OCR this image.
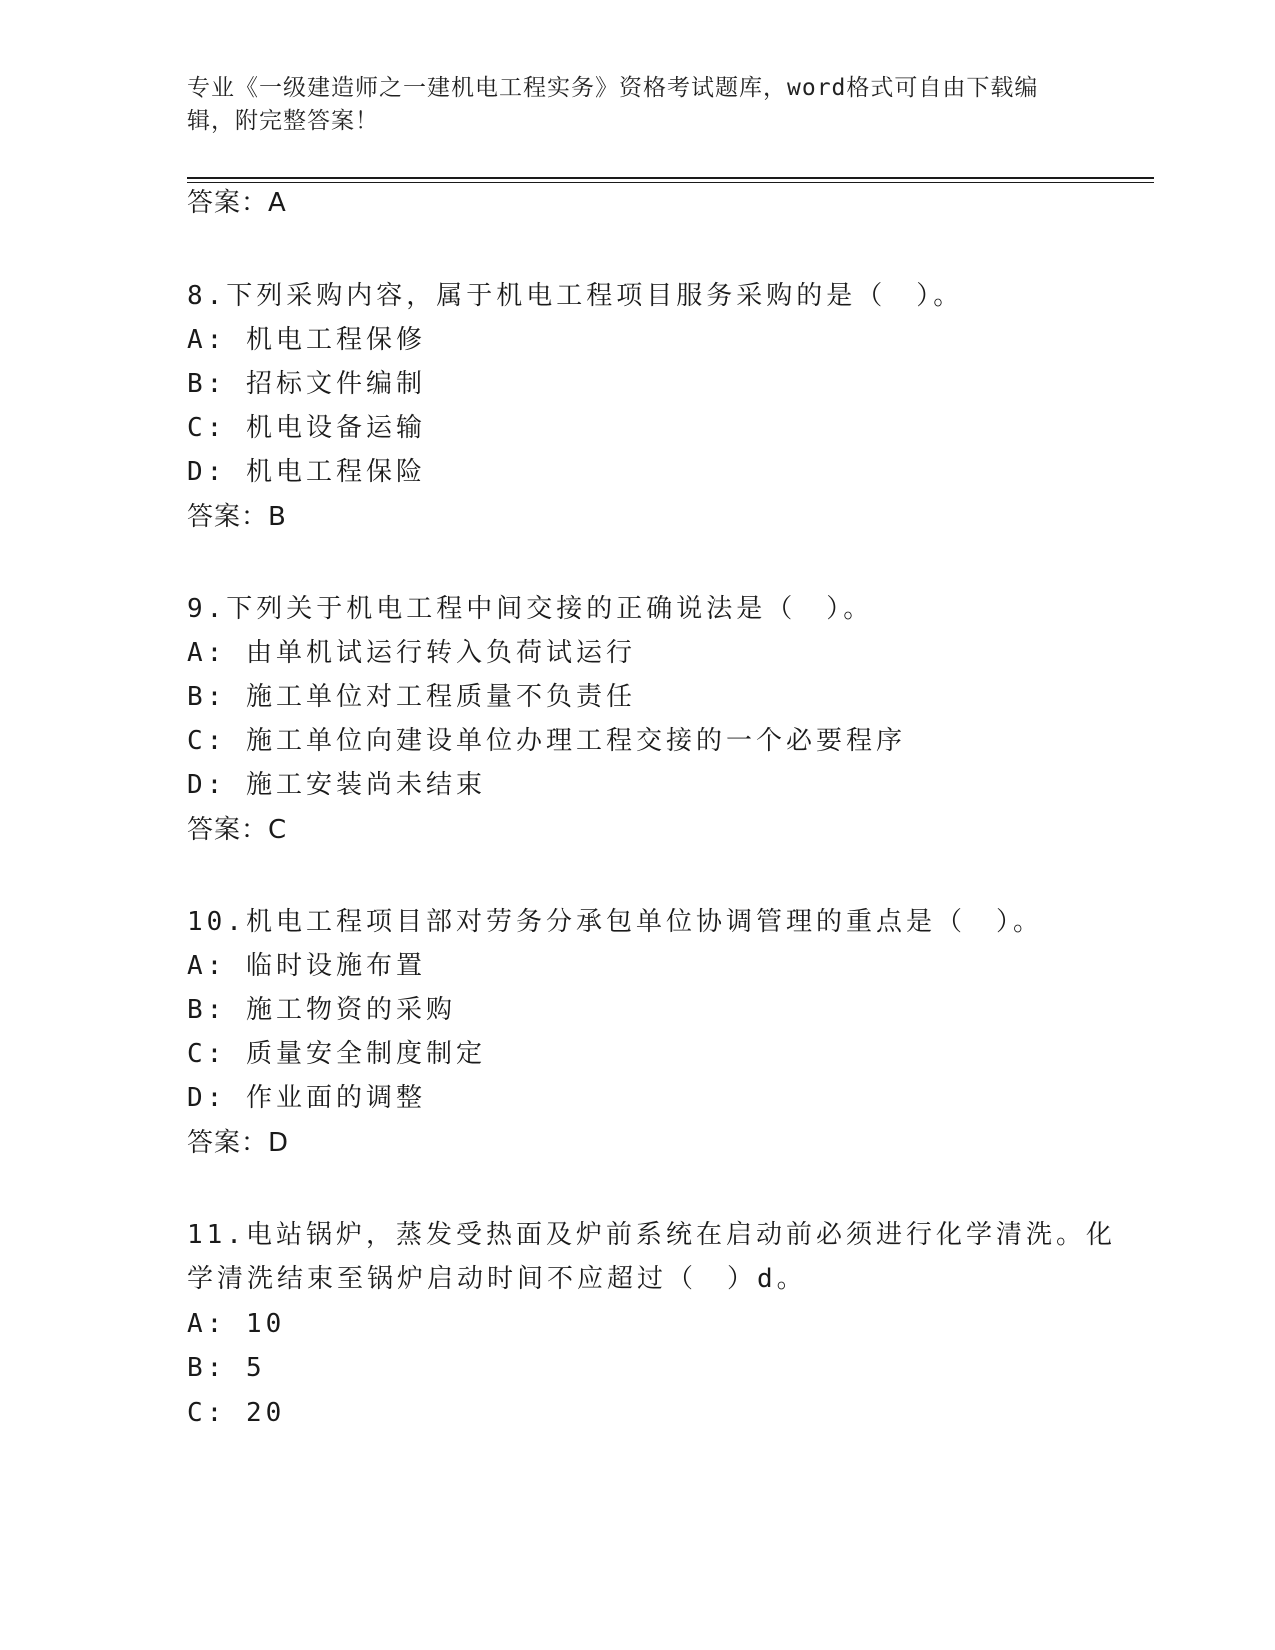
专业《一级建造师之一建机电工程实务》资格考试题库，word格式可自由下载编
辑，附完整答案！
答案：A
8.下列采购内容，属于机电工程项目服务采购的是（　）。
A: 机电工程保修
B: 招标文件编制
C: 机电设备运输
D: 机电工程保险
答案：B
9.下列关于机电工程中间交接的正确说法是（　）。
A: 由单机试运行转入负荷试运行
B: 施工单位对工程质量不负责任
C: 施工单位向建设单位办理工程交接的一个必要程序
D: 施工安装尚未结束
答案：C
10.机电工程项目部对劳务分承包单位协调管理的重点是（　）。
A: 临时设施布置
B: 施工物资的采购
C: 质量安全制度制定
D: 作业面的调整
答案：D
11.电站锅炉，蒸发受热面及炉前系统在启动前必须进行化学清洗。化
学清洗结束至锅炉启动时间不应超过（　）d。
A: 10
B: 5
C: 20
